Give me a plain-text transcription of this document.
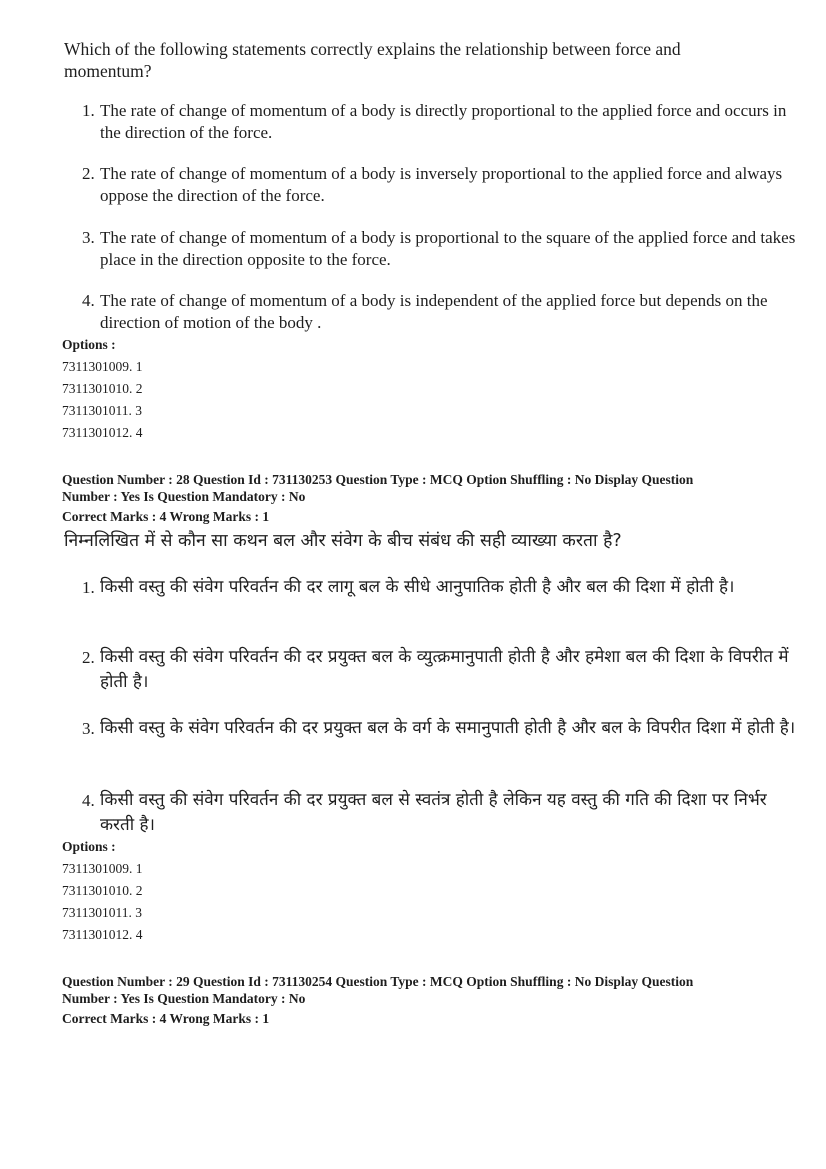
Which of the following statements correctly explains the relationship between force and momentum?
1. The rate of change of momentum of a body is directly proportional to the applied force and occurs in the direction of the force.
2. The rate of change of momentum of a body is inversely proportional to the applied force and always oppose the direction of the force.
3. The rate of change of momentum of a body is proportional to the square of the applied force and takes place in the direction opposite to the force.
4. The rate of change of momentum of a body is independent of the applied force but depends on the direction of motion of the body .
Options :
7311301009. 1
7311301010. 2
7311301011. 3
7311301012. 4
Question Number : 28 Question Id : 731130253 Question Type : MCQ Option Shuffling : No Display Question
Number : Yes Is Question Mandatory : No
Correct Marks : 4 Wrong Marks : 1
निम्नलिखित में से कौन सा कथन बल और संवेग के बीच संबंध की सही व्याख्या करता है?
1. किसी वस्तु की संवेग परिवर्तन की दर लागू बल के सीधे आनुपातिक होती है और बल की दिशा में होती है।
2. किसी वस्तु की संवेग परिवर्तन की दर प्रयुक्त बल के व्युत्क्रमानुपाती होती है और हमेशा बल की दिशा के विपरीत में होती है।
3. किसी वस्तु के संवेग परिवर्तन की दर प्रयुक्त बल के वर्ग के समानुपाती होती है और बल के विपरीत दिशा में होती है।
4. किसी वस्तु की संवेग परिवर्तन की दर प्रयुक्त बल से स्वतंत्र होती है लेकिन यह वस्तु की गति की दिशा पर निर्भर करती है।
Options :
7311301009. 1
7311301010. 2
7311301011. 3
7311301012. 4
Question Number : 29 Question Id : 731130254 Question Type : MCQ Option Shuffling : No Display Question
Number : Yes Is Question Mandatory : No
Correct Marks : 4 Wrong Marks : 1
